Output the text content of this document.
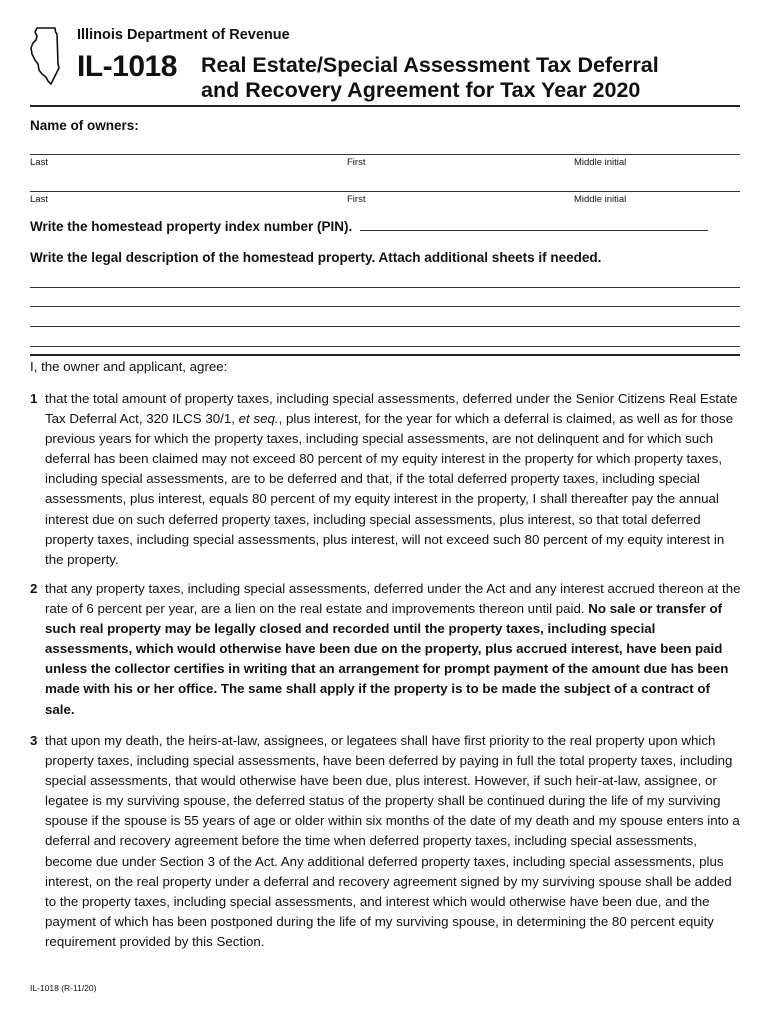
Illinois Department of Revenue
IL-1018 Real Estate/Special Assessment Tax Deferral
and Recovery Agreement for Tax Year 2020
Name of owners:
Last	First	Middle initial
Last	First	Middle initial
Write the homestead property index number (PIN).
Write the legal description of the homestead property. Attach additional sheets if needed.
I, the owner and applicant, agree:
1 that the total amount of property taxes, including special assessments, deferred under the Senior Citizens Real Estate Tax Deferral Act, 320 ILCS 30/1, et seq., plus interest, for the year for which a deferral is claimed, as well as for those previous years for which the property taxes, including special assessments, are not delinquent and for which such deferral has been claimed may not exceed 80 percent of my equity interest in the property for which property taxes, including special assessments, are to be deferred and that, if the total deferred property taxes, including special assessments, plus interest, equals 80 percent of my equity interest in the property, I shall thereafter pay the annual interest due on such deferred property taxes, including special assessments, plus interest, so that total deferred property taxes, including special assessments, plus interest, will not exceed such 80 percent of my equity interest in the property.
2 that any property taxes, including special assessments, deferred under the Act and any interest accrued thereon at the rate of 6 percent per year, are a lien on the real estate and improvements thereon until paid. No sale or transfer of such real property may be legally closed and recorded until the property taxes, including special assessments, which would otherwise have been due on the property, plus accrued interest, have been paid unless the collector certifies in writing that an arrangement for prompt payment of the amount due has been made with his or her office. The same shall apply if the property is to be made the subject of a contract of sale.
3 that upon my death, the heirs-at-law, assignees, or legatees shall have first priority to the real property upon which property taxes, including special assessments, have been deferred by paying in full the total property taxes, including special assessments, that would otherwise have been due, plus interest. However, if such heir-at-law, assignee, or legatee is my surviving spouse, the deferred status of the property shall be continued during the life of my surviving spouse if the spouse is 55 years of age or older within six months of the date of my death and my spouse enters into a deferral and recovery agreement before the time when deferred property taxes, including special assessments, become due under Section 3 of the Act. Any additional deferred property taxes, including special assessments, plus interest, on the real property under a deferral and recovery agreement signed by my surviving spouse shall be added to the property taxes, including special assessments, and interest which would otherwise have been due, and the payment of which has been postponed during the life of my surviving spouse, in determining the 80 percent equity requirement provided by this Section.
IL-1018 (R-11/20)
